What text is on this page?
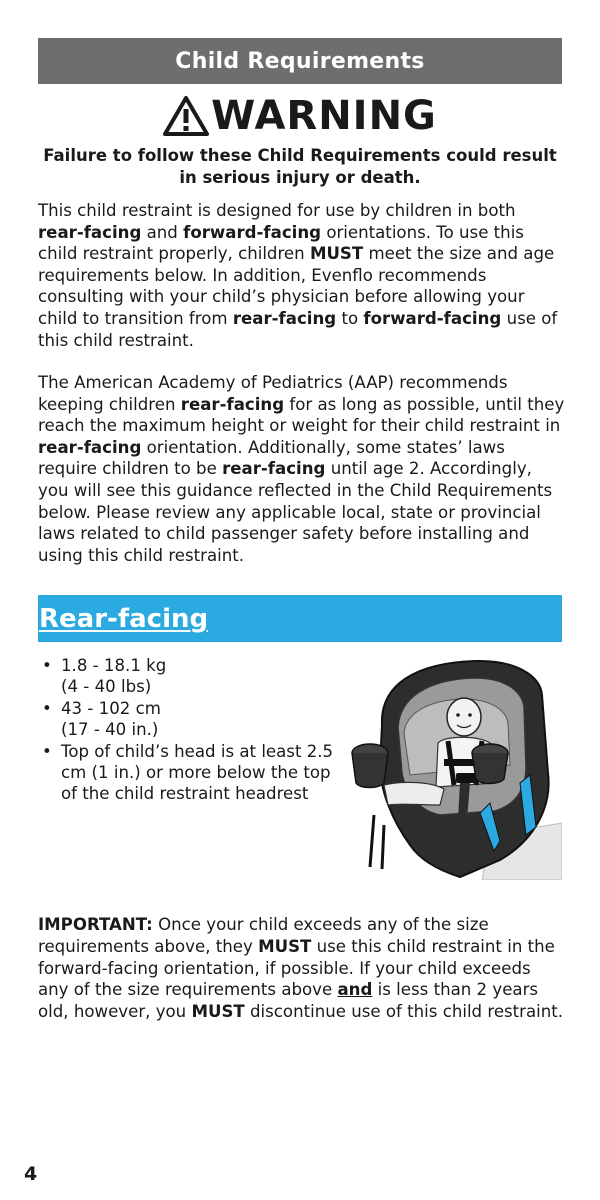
Child Requirements
WARNING
Failure to follow these Child Requirements could result in serious injury or death.
This child restraint is designed for use by children in both rear-facing and forward-facing orientations. To use this child restraint properly, children MUST meet the size and age requirements below. In addition, Evenflo recommends consulting with your child’s physician before allowing your child to transition from rear-facing to forward-facing use of this child restraint.
The American Academy of Pediatrics (AAP) recommends keeping children rear-facing for as long as possible, until they reach the maximum height or weight for their child restraint in rear-facing orientation. Additionally, some states’ laws require children to be rear-facing until age 2. Accordingly, you will see this guidance reflected in the Child Requirements below. Please review any applicable local, state or provincial laws related to child passenger safety before installing and using this child restraint.
Rear-facing
• 1.8 - 18.1 kg
(4 - 40 lbs)
• 43 - 102 cm
(17 - 40 in.)
• Top of child’s head is at least 2.5 cm (1 in.) or more below the top of the child restraint headrest
IMPORTANT: Once your child exceeds any of the size requirements above, they MUST use this child restraint in the forward-facing orientation, if possible. If your child exceeds any of the size requirements above and is less than 2 years old, however, you MUST discontinue use of this child restraint.
4
